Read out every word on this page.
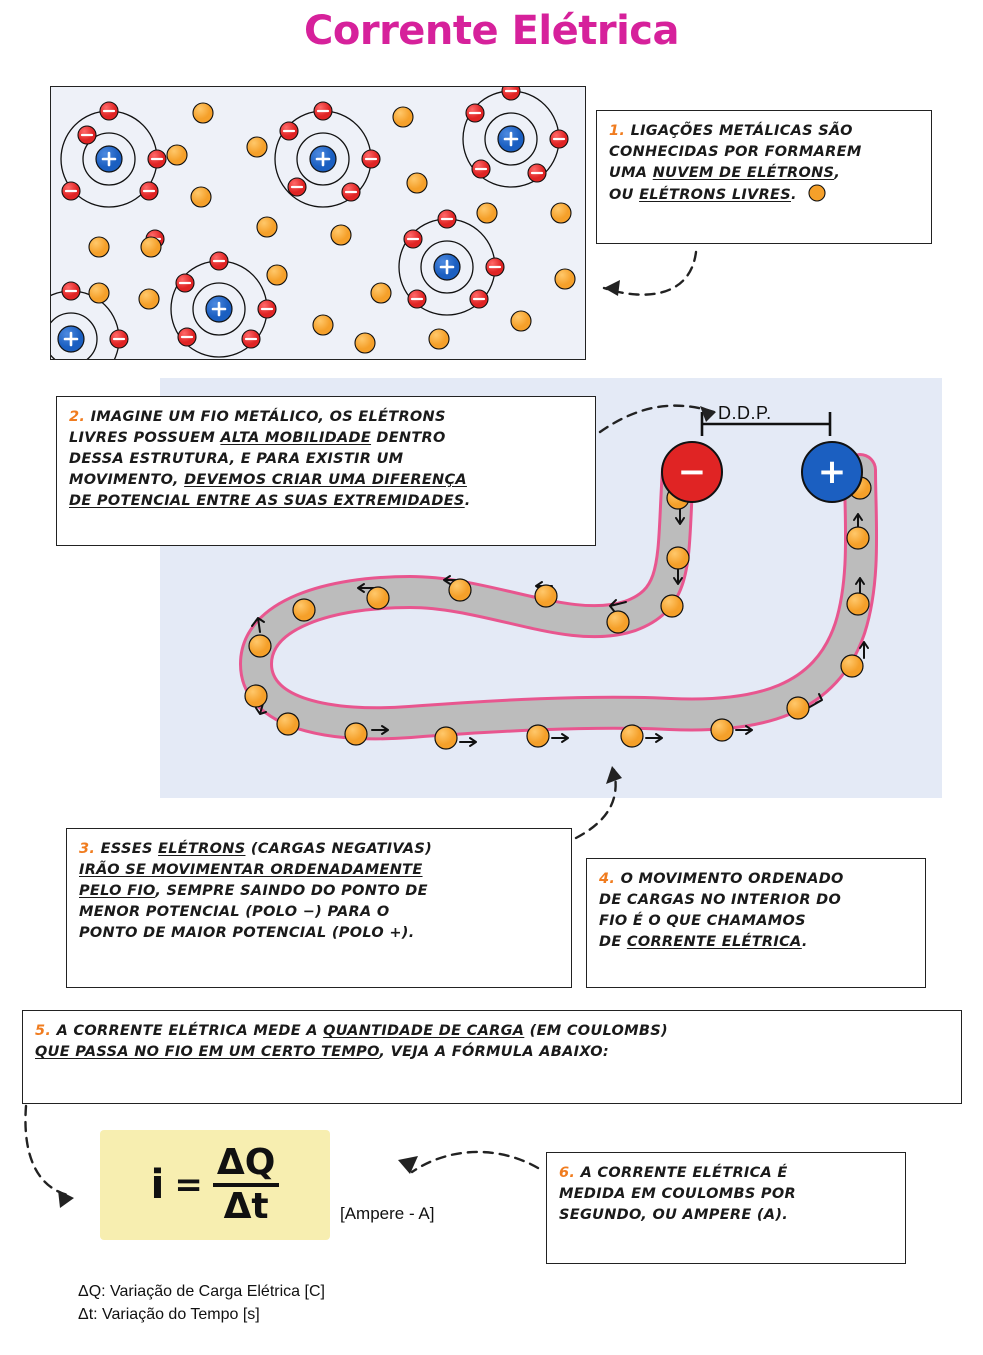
Corrente Elétrica
1. LIGAÇÕES METÁLICAS SÃO
CONHECIDAS POR FORMAREM
UMA NUVEM DE ELÉTRONS,
OU ELÉTRONS LIVRES.
D.D.P.
−	+
2. IMAGINE UM FIO METÁLICO, OS ELÉTRONS
LIVRES POSSUEM ALTA MOBILIDADE DENTRO
DESSA ESTRUTURA, E PARA EXISTIR UM
MOVIMENTO, DEVEMOS CRIAR UMA DIFERENÇA
DE POTENCIAL ENTRE AS SUAS EXTREMIDADES.
3. ESSES ELÉTRONS (CARGAS NEGATIVAS)
IRÃO SE MOVIMENTAR ORDENADAMENTE
PELO FIO, SEMPRE SAINDO DO PONTO DE
MENOR POTENCIAL (POLO −) PARA O
PONTO DE MAIOR POTENCIAL (POLO +).
4. O MOVIMENTO ORDENADO
DE CARGAS NO INTERIOR DO
FIO É O QUE CHAMAMOS
DE CORRENTE ELÉTRICA.
5. A CORRENTE ELÉTRICA MEDE A QUANTIDADE DE CARGA (EM COULOMBS)
QUE PASSA NO FIO EM UM CERTO TEMPO, VEJA A FÓRMULA ABAIXO:
i =
ΔQ
Δt	[Ampere - A]
ΔQ: Variação de Carga Elétrica [C]
Δt: Variação do Tempo [s]
6. A CORRENTE ELÉTRICA É
MEDIDA EM COULOMBS POR
SEGUNDO, OU AMPERE (A).
